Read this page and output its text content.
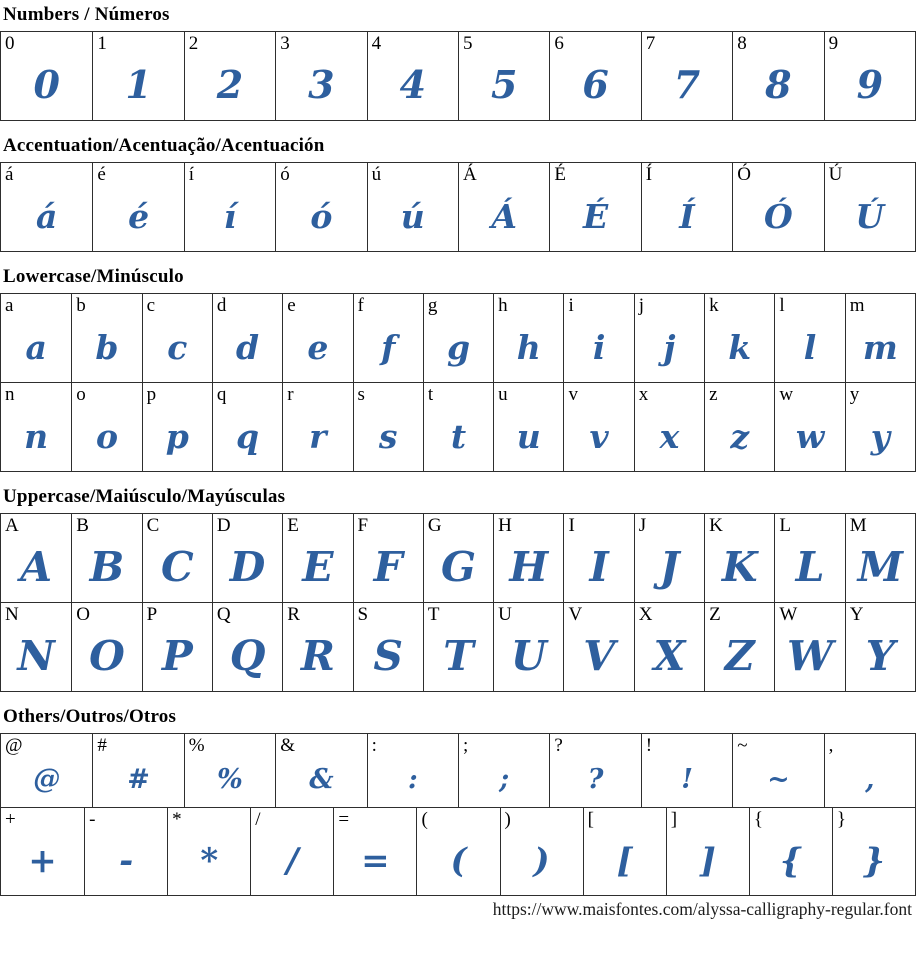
Numbers / Números
0
0
1
1
2
2
3
3
4
4
5
5
6
6
7
7
8
8
9
9
Accentuation/Acentuação/Acentuación
á
á
é
é
í
í
ó
ó
ú
ú
Á
Á
É
É
Í
Í
Ó
Ó
Ú
Ú
Lowercase/Minúsculo
a
a
b
b
c
c
d
d
e
e
f
f
g
g
h
h
i
i
j
j
k
k
l
l
m
m
n
n
o
o
p
p
q
q
r
r
s
s
t
t
u
u
v
v
x
x
z
z
w
w
y
y
Uppercase/Maiúsculo/Mayúsculas
A
A
B
B
C
C
D
D
E
E
F
F
G
G
H
H
I
I
J
J
K
K
L
L
M
M
N
N
O
O
P
P
Q
Q
R
R
S
S
T
T
U
U
V
V
X
X
Z
Z
W
W
Y
Y
Others/Outros/Otros
@
@
#
#
%
%
&
&
:
:
;
;
?
?
!
!
~
~
,
,
+
+
-
-
*
*
/
/
=
=
(
(
)
)
[
[
]
]
{
{
}
}
https://www.maisfontes.com/alyssa-calligraphy-regular.font
